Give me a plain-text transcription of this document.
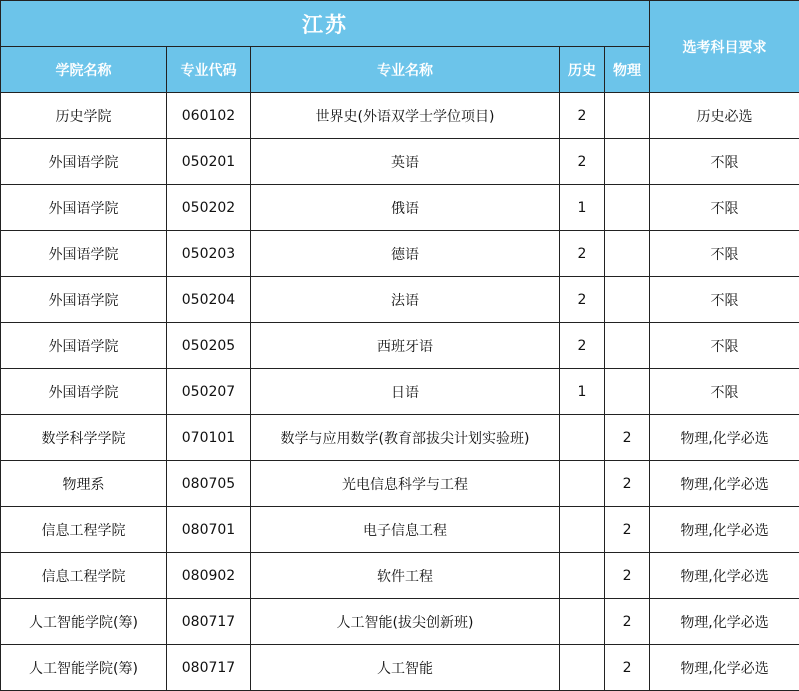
江苏					选考科目要求
学院名称	专业代码	专业名称	历史	物理	
历史学院	060102	世界史(外语双学士学位项目)	2		历史必选
外国语学院	050201	英语	2		不限
外国语学院	050202	俄语	1		不限
外国语学院	050203	德语	2		不限
外国语学院	050204	法语	2		不限
外国语学院	050205	西班牙语	2		不限
外国语学院	050207	日语	1		不限
数学科学学院	070101	数学与应用数学(教育部拔尖计划实验班)		2	物理,化学必选
物理系	080705	光电信息科学与工程		2	物理,化学必选
信息工程学院	080701	电子信息工程		2	物理,化学必选
信息工程学院	080902	软件工程		2	物理,化学必选
人工智能学院(筹)	080717	人工智能(拔尖创新班)		2	物理,化学必选
人工智能学院(筹)	080717	人工智能		2	物理,化学必选
